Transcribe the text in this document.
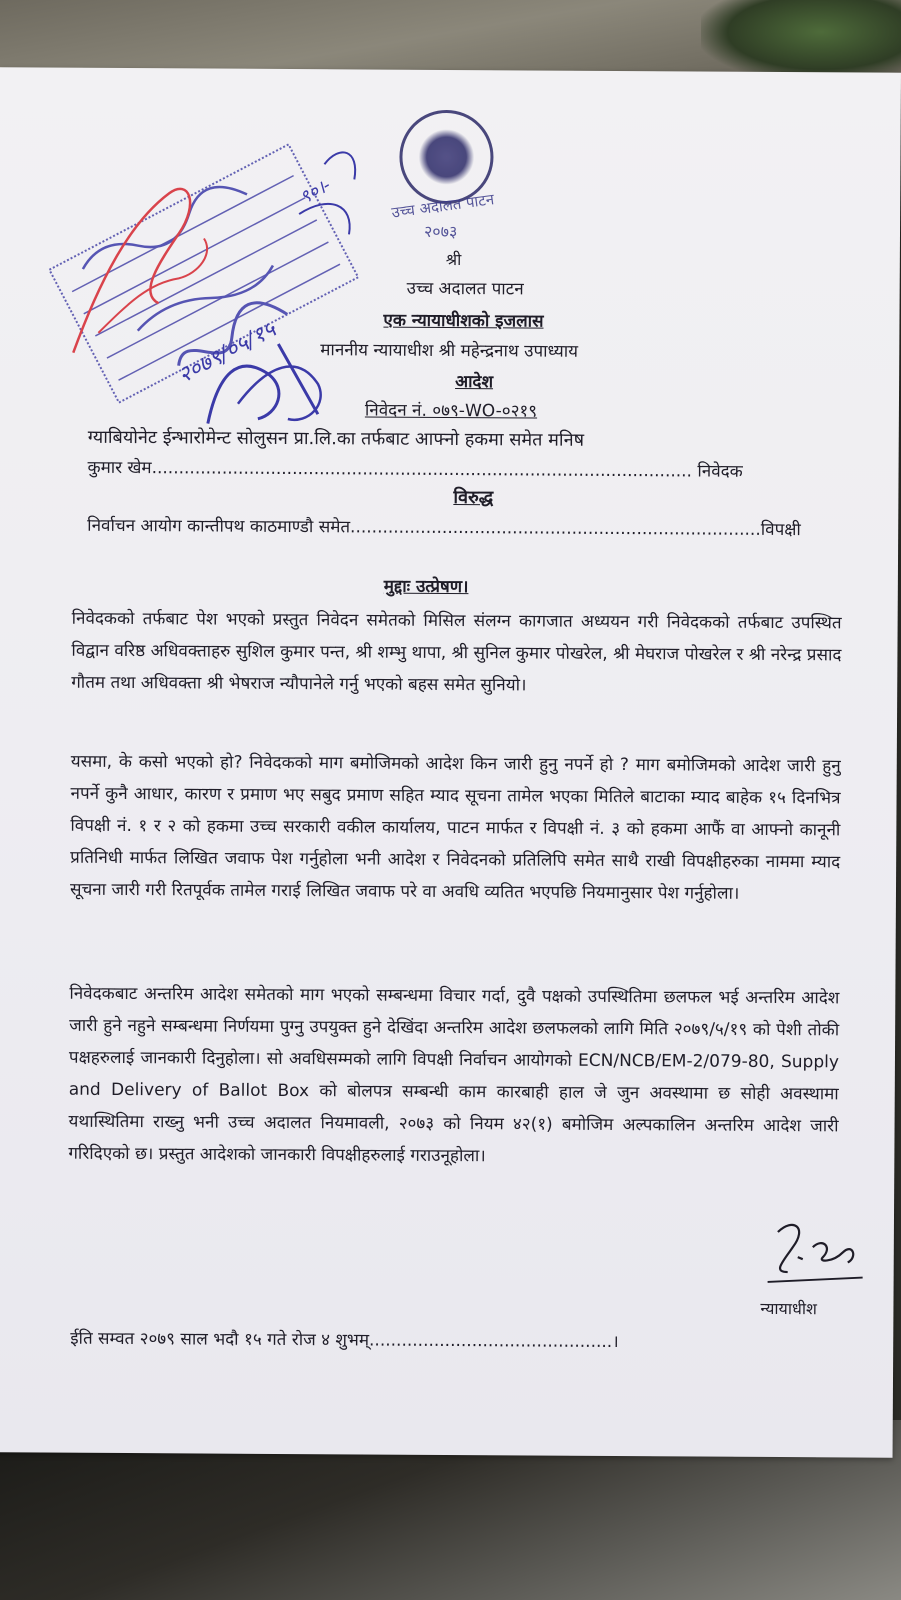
उच्च अदालत पाटन
२०७३
२०७९/०५/१५
९०।-
श्री
उच्च अदालत पाटन
एक न्यायाधीशको इजलास
माननीय न्यायाधीश श्री महेन्द्रनाथ उपाध्याय
आदेश
निवेदन नं. ०७९-WO-०२१९
ग्याबियोनेट ईन्भारोमेन्ट सोलुसन प्रा.लि.का तर्फबाट आफ्नो हकमा समेत मनिष
कुमार खेम.................................................................................................... निवेदक
विरुद्ध
निर्वाचन आयोग कान्तीपथ काठमाण्डौ समेत............................................................................विपक्षी
मुद्दाः उत्प्रेषण।
निवेदकको तर्फबाट पेश भएको प्रस्तुत निवेदन समेतको मिसिल संलग्न कागजात अध्ययन गरी निवेदकको तर्फबाट उपस्थित विद्वान वरिष्ठ अधिवक्ताहरु सुशिल कुमार पन्त, श्री शम्भु थापा, श्री सुनिल कुमार पोखरेल, श्री मेघराज पोखरेल र श्री नरेन्द्र प्रसाद गौतम तथा अधिवक्ता श्री भेषराज न्यौपानेले गर्नु भएको बहस समेत सुनियो।
यसमा, के कसो भएको हो? निवेदकको माग बमोजिमको आदेश किन जारी हुनु नपर्ने हो ? माग बमोजिमको आदेश जारी हुनु नपर्ने कुनै आधार, कारण र प्रमाण भए सबुद प्रमाण सहित म्याद सूचना तामेल भएका मितिले बाटाका म्याद बाहेक १५ दिनभित्र विपक्षी नं. १ र २ को हकमा उच्च सरकारी वकील कार्यालय, पाटन मार्फत र विपक्षी नं. ३ को हकमा आफैं वा आफ्नो कानूनी प्रतिनिधी मार्फत लिखित जवाफ पेश गर्नुहोला भनी आदेश र निवेदनको प्रतिलिपि समेत साथै राखी विपक्षीहरुका नाममा म्याद सूचना जारी गरी रितपूर्वक तामेल गराई लिखित जवाफ परे वा अवधि व्यतित भएपछि नियमानुसार पेश गर्नुहोला।
निवेदकबाट अन्तरिम आदेश समेतको माग भएको सम्बन्धमा विचार गर्दा, दुवै पक्षको उपस्थितिमा छलफल भई अन्तरिम आदेश जारी हुने नहुने सम्बन्धमा निर्णयमा पुग्नु उपयुक्त हुने देखिंदा अन्तरिम आदेश छलफलको लागि मिति २०७९/५/१९ को पेशी तोकी पक्षहरुलाई जानकारी दिनुहोला। सो अवधिसम्मको लागि विपक्षी निर्वाचन आयोगको ECN/NCB/EM-2/079-80, Supply and Delivery of Ballot Box को बोलपत्र सम्बन्धी काम कारबाही हाल जे जुन अवस्थामा छ सोही अवस्थामा यथास्थितिमा राख्नु भनी उच्च अदालत नियमावली, २०७३ को नियम ४२(१) बमोजिम अल्पकालिन अन्तरिम आदेश जारी गरिदिएको छ। प्रस्तुत आदेशको जानकारी विपक्षीहरुलाई गराउनूहोला।
न्यायाधीश
ईति सम्वत २०७९ साल भदौ १५ गते रोज ४ शुभम्.............................................।
